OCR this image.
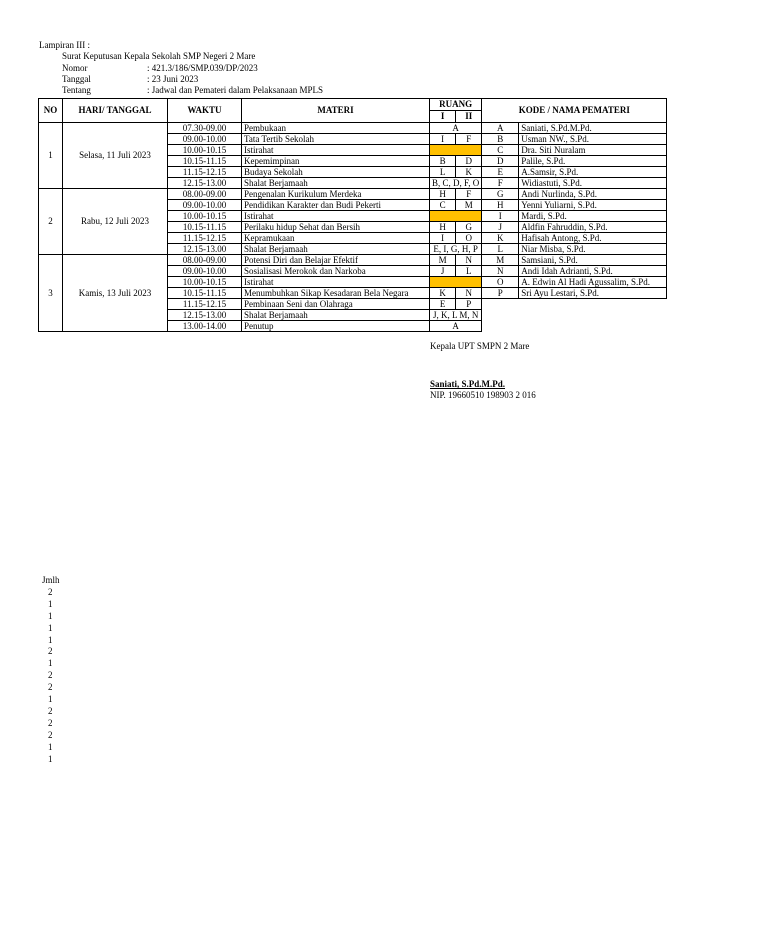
Lampiran III :
Surat Keputusan Kepala Sekolah SMP Negeri 2 Mare
Nomor	: 421.3/186/SMP.039/DP/2023
Tanggal	: 23 Juni 2023
Tentang	: Jadwal dan Pemateri dalam Pelaksanaan MPLS
NO	HARI/ TANGGAL	WAKTU	MATERI	RUANG		KODE / NAMA PEMATERI	
				I	II		
1	Selasa, 11 Juli 2023	07.30-09.00	Pembukaan	A		A	Saniati, S.Pd.M.Pd.
		09.00-10.00	Tata Tertib Sekolah	I	F	B	Usman NW., S.Pd.
		10.00-10.15	Istirahat			C	Dra. Siti Nuralam
		10.15-11.15	Kepemimpinan	B	D	D	Palile, S.Pd.
		11.15-12.15	Budaya Sekolah	L	K	E	A.Samsir, S.Pd.
		12.15-13.00	Shalat Berjamaah	B, C, D, F, O		F	Widiastuti, S.Pd.
2	Rabu, 12 Juli 2023	08.00-09.00	Pengenalan Kurikulum Merdeka	H	F	G	Andi Nurlinda, S.Pd.
		09.00-10.00	Pendidikan Karakter dan Budi Pekerti	C	M	H	Yenni Yuliarni, S.Pd.
		10.00-10.15	Istirahat			I	Mardi, S.Pd.
		10.15-11.15	Perilaku hidup Sehat dan Bersih	H	G	J	Aldfin Fahruddin, S.Pd.
		11.15-12.15	Kepramukaan	I	O	K	Hafisah Antong, S.Pd.
		12.15-13.00	Shalat Berjamaah	E, I, G, H, P		L	Niar Misba, S.Pd.
3	Kamis, 13 Juli 2023	08.00-09.00	Potensi Diri dan Belajar Efektif	M	N	M	Samsiani, S.Pd.
		09.00-10.00	Sosialisasi Merokok dan Narkoba	J	L	N	Andi Idah Adrianti, S.Pd.
		10.00-10.15	Istirahat			O	A. Edwin Al Hadi Agussalim, S.Pd.
		10.15-11.15	Menumbuhkan Sikap Kesadaran Bela Negara	K	N	P	Sri Ayu Lestari, S.Pd.
		11.15-12.15	Pembinaan Seni dan Olahraga	E	P		
		12.15-13.00	Shalat Berjamaah	J, K, L M, N			
		13.00-14.00	Penutup	A			
Kepala UPT SMPN 2 Mare
Saniati, S.Pd.M.Pd.
NIP. 19660510 198903 2 016
Jmlh
2
1
1
1
1
2
1
2
2
1
2
2
2
1
1
